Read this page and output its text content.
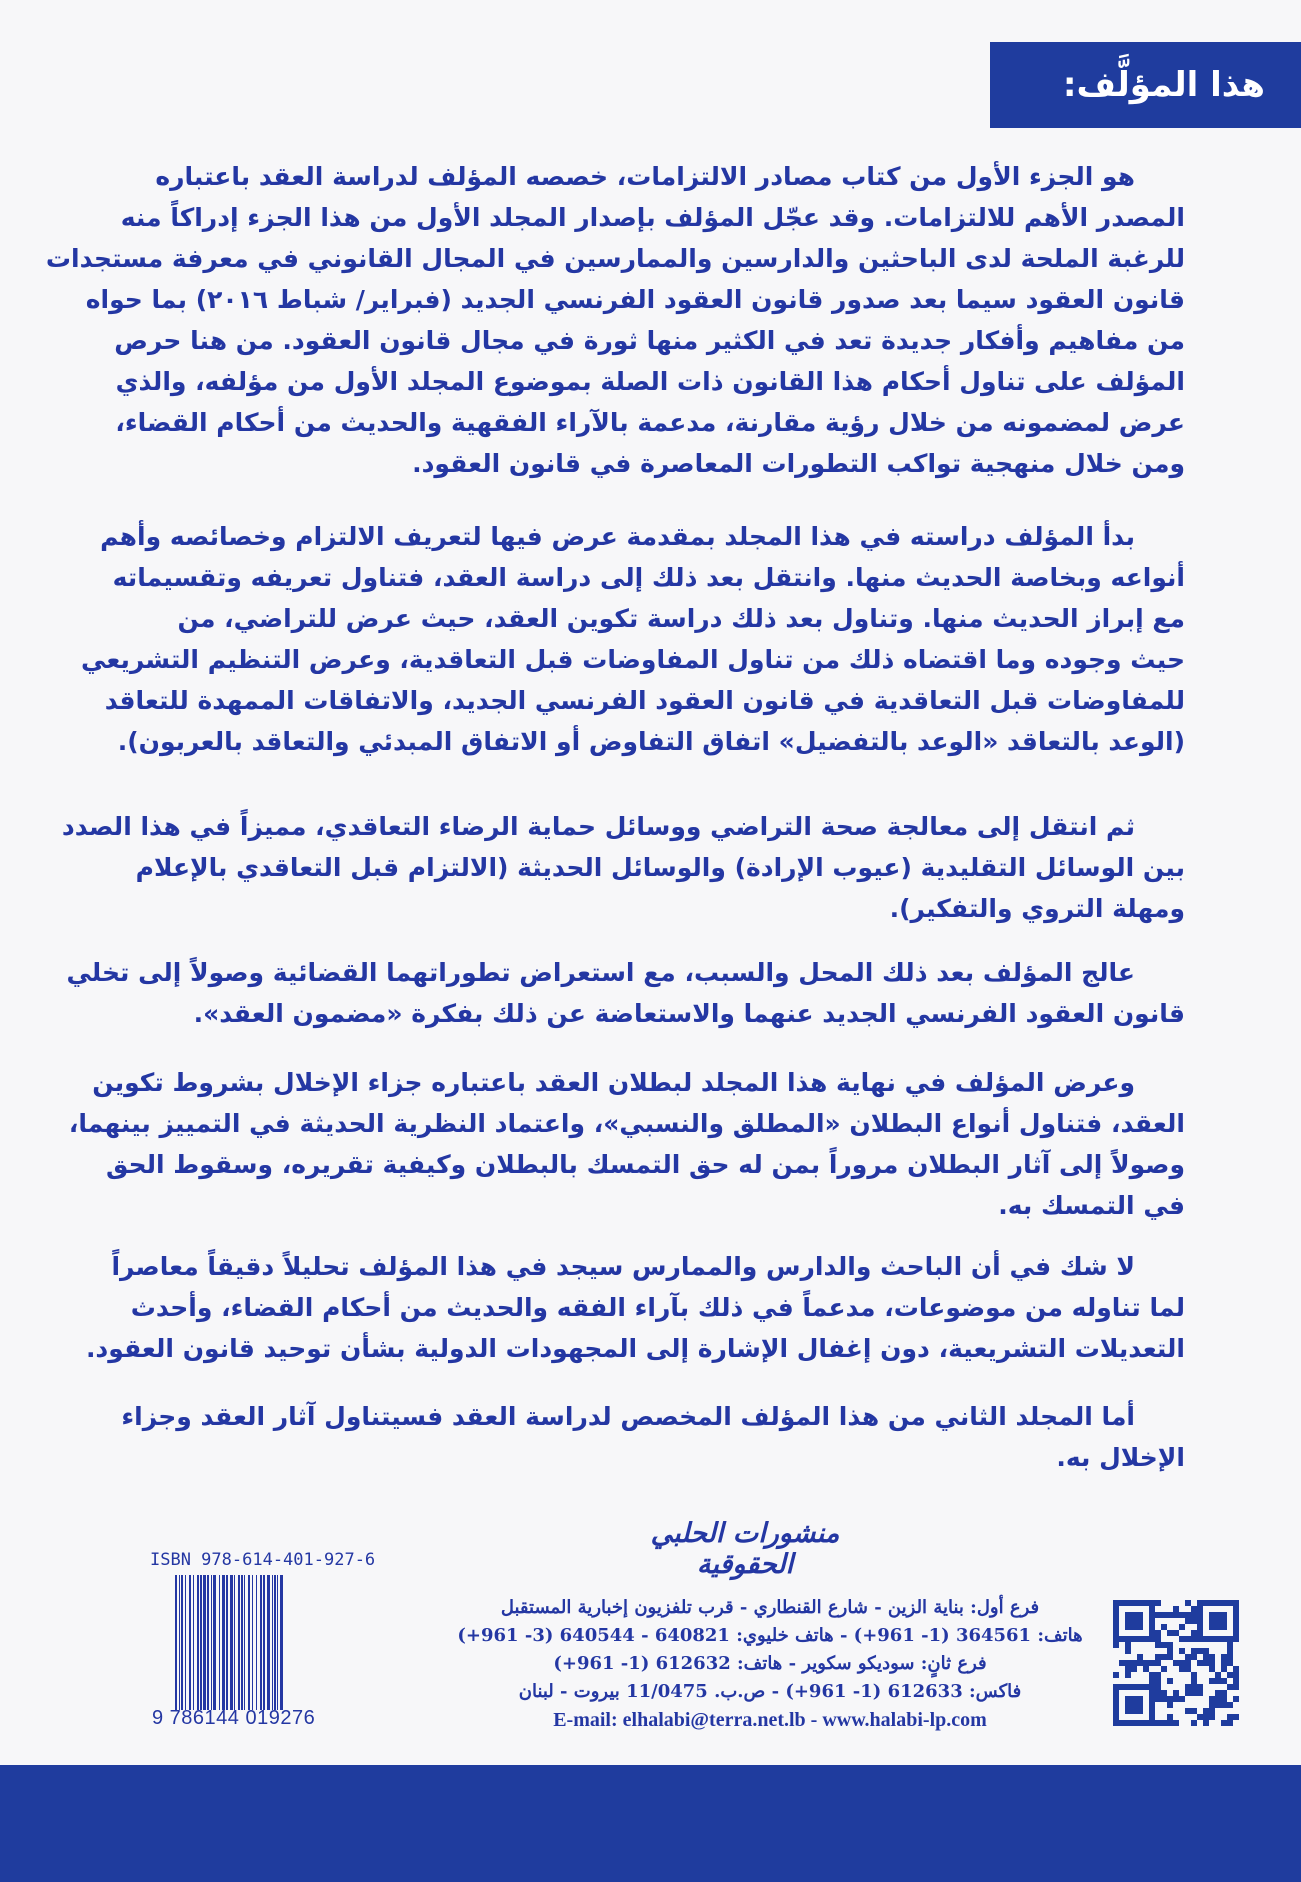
هذا المؤلَّف:
هو الجزء الأول من كتاب مصادر الالتزامات، خصصه المؤلف لدراسة العقد باعتباره
المصدر الأهم للالتزامات. وقد عجّل المؤلف بإصدار المجلد الأول من هذا الجزء إدراكاً منه
للرغبة الملحة لدى الباحثين والدارسين والممارسين في المجال القانوني في معرفة مستجدات
قانون العقود سيما بعد صدور قانون العقود الفرنسي الجديد (فبراير/ شباط ٢٠١٦) بما حواه
من مفاهيم وأفكار جديدة تعد في الكثير منها ثورة في مجال قانون العقود. من هنا حرص
المؤلف على تناول أحكام هذا القانون ذات الصلة بموضوع المجلد الأول من مؤلفه، والذي
عرض لمضمونه من خلال رؤية مقارنة، مدعمة بالآراء الفقهية والحديث من أحكام القضاء،
ومن خلال منهجية تواكب التطورات المعاصرة في قانون العقود.
بدأ المؤلف دراسته في هذا المجلد بمقدمة عرض فيها لتعريف الالتزام وخصائصه وأهم
أنواعه وبخاصة الحديث منها. وانتقل بعد ذلك إلى دراسة العقد، فتناول تعريفه وتقسيماته
مع إبراز الحديث منها. وتناول بعد ذلك دراسة تكوين العقد، حيث عرض للتراضي، من
حيث وجوده وما اقتضاه ذلك من تناول المفاوضات قبل التعاقدية، وعرض التنظيم التشريعي
للمفاوضات قبل التعاقدية في قانون العقود الفرنسي الجديد، والاتفاقات الممهدة للتعاقد
(الوعد بالتعاقد «الوعد بالتفضيل» اتفاق التفاوض أو الاتفاق المبدئي والتعاقد بالعربون).
ثم انتقل إلى معالجة صحة التراضي ووسائل حماية الرضاء التعاقدي، مميزاً في هذا الصدد
بين الوسائل التقليدية (عيوب الإرادة) والوسائل الحديثة (الالتزام قبل التعاقدي بالإعلام
ومهلة التروي والتفكير).
عالج المؤلف بعد ذلك المحل والسبب، مع استعراض تطوراتهما القضائية وصولاً إلى تخلي
قانون العقود الفرنسي الجديد عنهما والاستعاضة عن ذلك بفكرة «مضمون العقد».
وعرض المؤلف في نهاية هذا المجلد لبطلان العقد باعتباره جزاء الإخلال بشروط تكوين
العقد، فتناول أنواع البطلان «المطلق والنسبي»، واعتماد النظرية الحديثة في التمييز بينهما،
وصولاً إلى آثار البطلان مروراً بمن له حق التمسك بالبطلان وكيفية تقريره، وسقوط الحق
في التمسك به.
لا شك في أن الباحث والدارس والممارس سيجد في هذا المؤلف تحليلاً دقيقاً معاصراً
لما تناوله من موضوعات، مدعماً في ذلك بآراء الفقه والحديث من أحكام القضاء، وأحدث
التعديلات التشريعية، دون إغفال الإشارة إلى المجهودات الدولية بشأن توحيد قانون العقود.
أما المجلد الثاني من هذا المؤلف المخصص لدراسة العقد فسيتناول آثار العقد وجزاء
الإخلال به.
منشورات الحلبي الحقوقية
ISBN 978-614-401-927-6
9 786144 019276
فرع أول: بناية الزين - شارع القنطاري - قرب تلفزيون إخبارية المستقبل
هاتف: 364561 (1- 961+) - هاتف خليوي: 640821 - 640544 (3- 961+)
فرع ثانٍ: سوديكو سكوير - هاتف: 612632 (1- 961+)
فاكس: 612633 (1- 961+) - ص.ب. 11/0475 بيروت - لبنان
E-mail: elhalabi@terra.net.lb - www.halabi-lp.com
